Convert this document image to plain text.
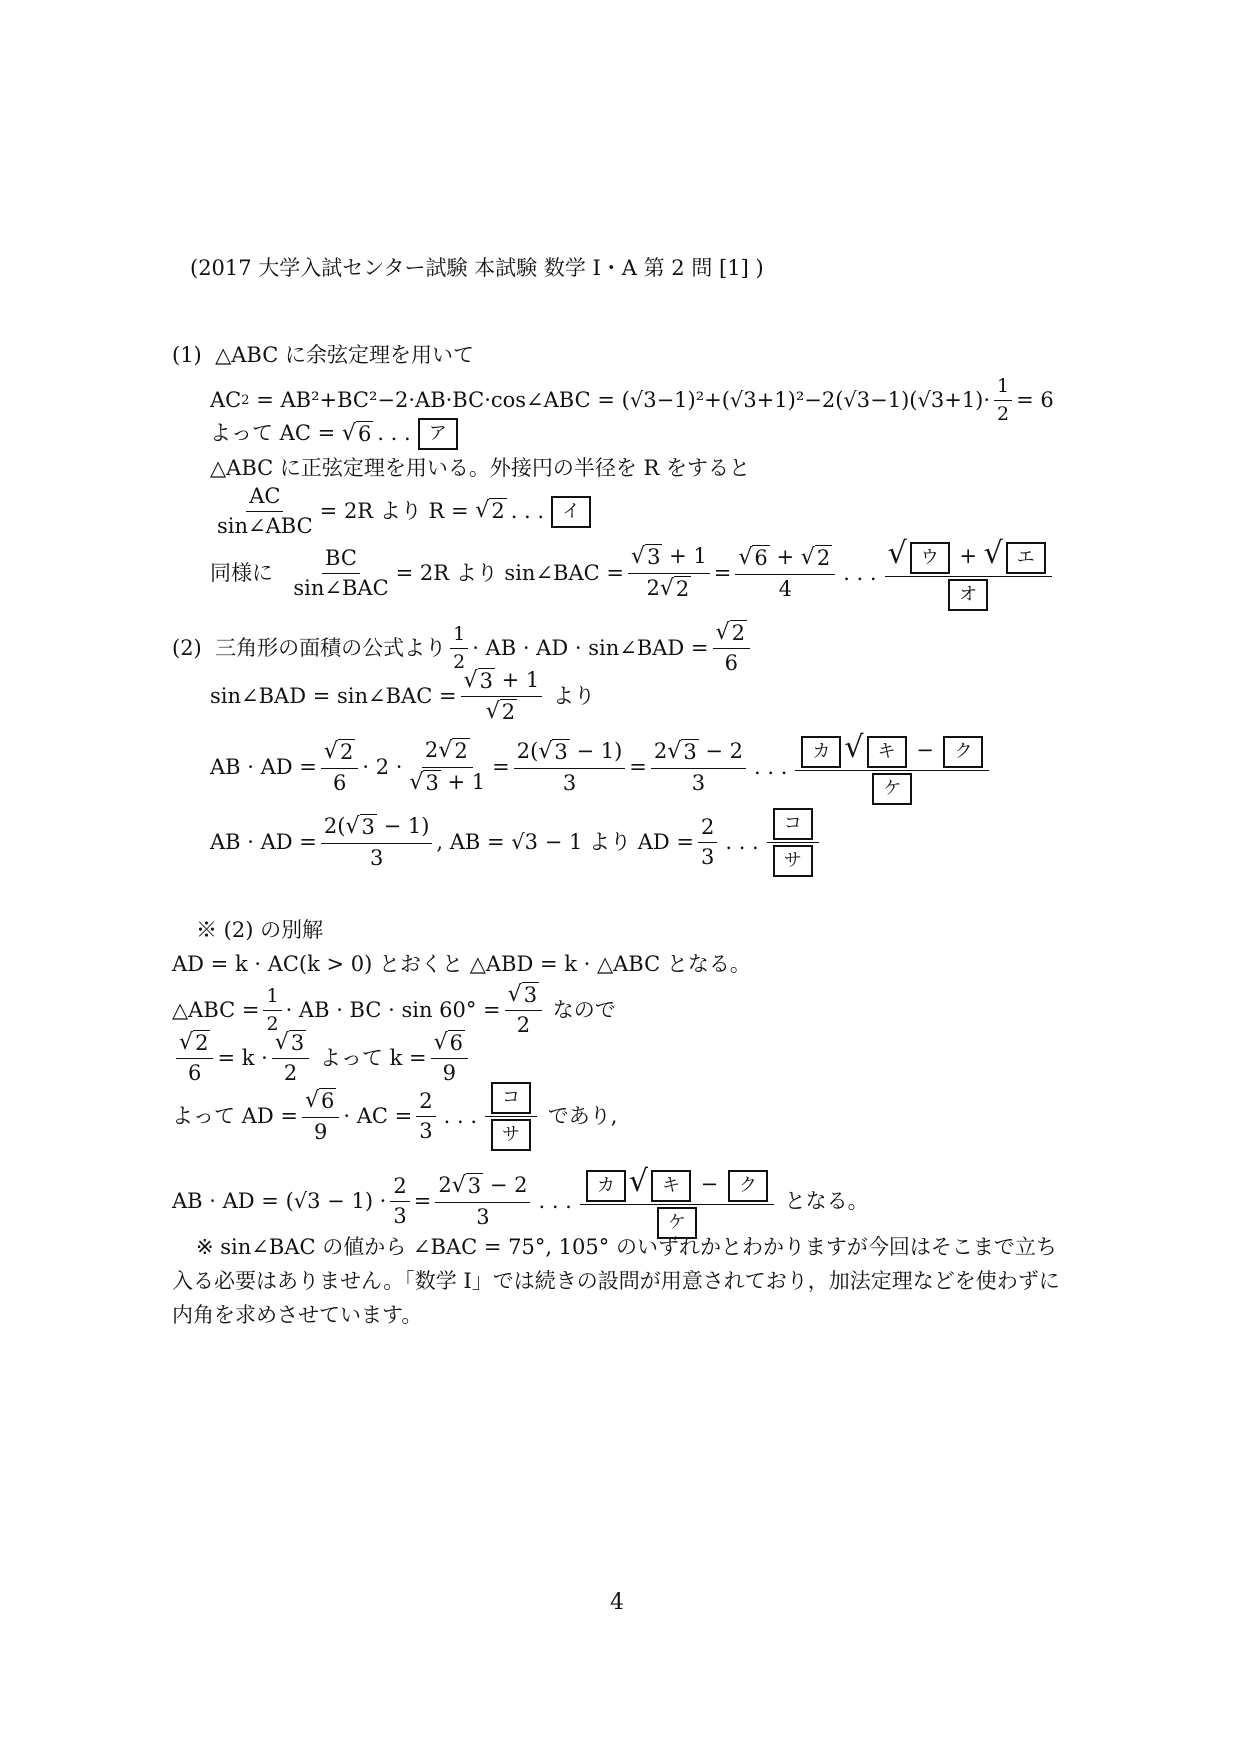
(2017 大学入試センター試験 本試験 数学 I・A 第 2 問 [1] )
(1)
△ABC に余弦定理を用いて
AC 2
= AB²+BC²−2·AB·BC·cos∠ABC = $(√3-1)^2+(√3+1)^2-2(√3-1)(√3+1)\cdot \frac{1}{2} = 6$
よって AC =
√ 6 . . .	ア
△ABC に正弦定理を用いる。外接円の半径を R をすると
$\frac{AC}{\text{sin∠ABC}} = 2R$ より R =
√ 2 . . .	イ
同様に
$\frac{BC}{\text{sin∠BAC}} = 2R$ より sin∠BAC = $\frac{√ 3 + 1}{2 √ 2} = \frac{√ 6 + √ 2}{4}$ . . . $\frac{\text{√ ウ + √ エ}}{\text{オ}}$
(2)
三角形の面積の公式より $\frac{1}{2}$ · AB · AD · sin∠BAD = $\frac{√ 2}{6}$
sin∠BAD = sin∠BAC = $\frac{√ 3 + 1}{√ 2}$
より
AB · AD = $\frac{√ 2}{6} \cdot 2 \cdot \frac{2 √ 2}{√ 3 + 1} = \frac{2( √ 3 - 1)}{3} = \frac{2 √ 3 - 2}{3}$ . . . $\frac{\text{カ √ キ − ク}}{\text{ケ}}$
AB · AD = $\frac{2( √ 3 - 1)}{3}$ , AB = √3 − 1 より AD = $\frac{2}{3}$ . . . $\frac{\text{コ}}{\text{サ}}$
※ (2) の別解
AD = k · AC(k > 0) とおくと △ABD = k · △ABC となる。
△ABC = $\frac{1}{2}$ · AB · BC · $\sin 60^\circ = \frac{√ 3}{2}$
なので
$\frac{√ 2}{6} = k \cdot \frac{√ 3}{2}$
よって $k = \frac{√ 6}{9}$
よって AD = $\frac{√ 6}{9}$ · AC = $\frac{2}{3}$ . . . $\frac{\text{コ}}{\text{サ}}$
であり,
AB · AD = $(√3 - 1) \cdot \frac{2}{3} = \frac{2 √ 3 - 2}{3}$ . . . $\frac{\text{カ √ キ − ク}}{\text{ケ}}$
となる。
※ sin∠BAC の値から ∠BAC = 75°, 105° のいずれかとわかりますが今回はそこまで立ち入る必要はありません。「数学 I」では続きの設問が用意されており，加法定理などを使わずに内角を求めさせています。
4
